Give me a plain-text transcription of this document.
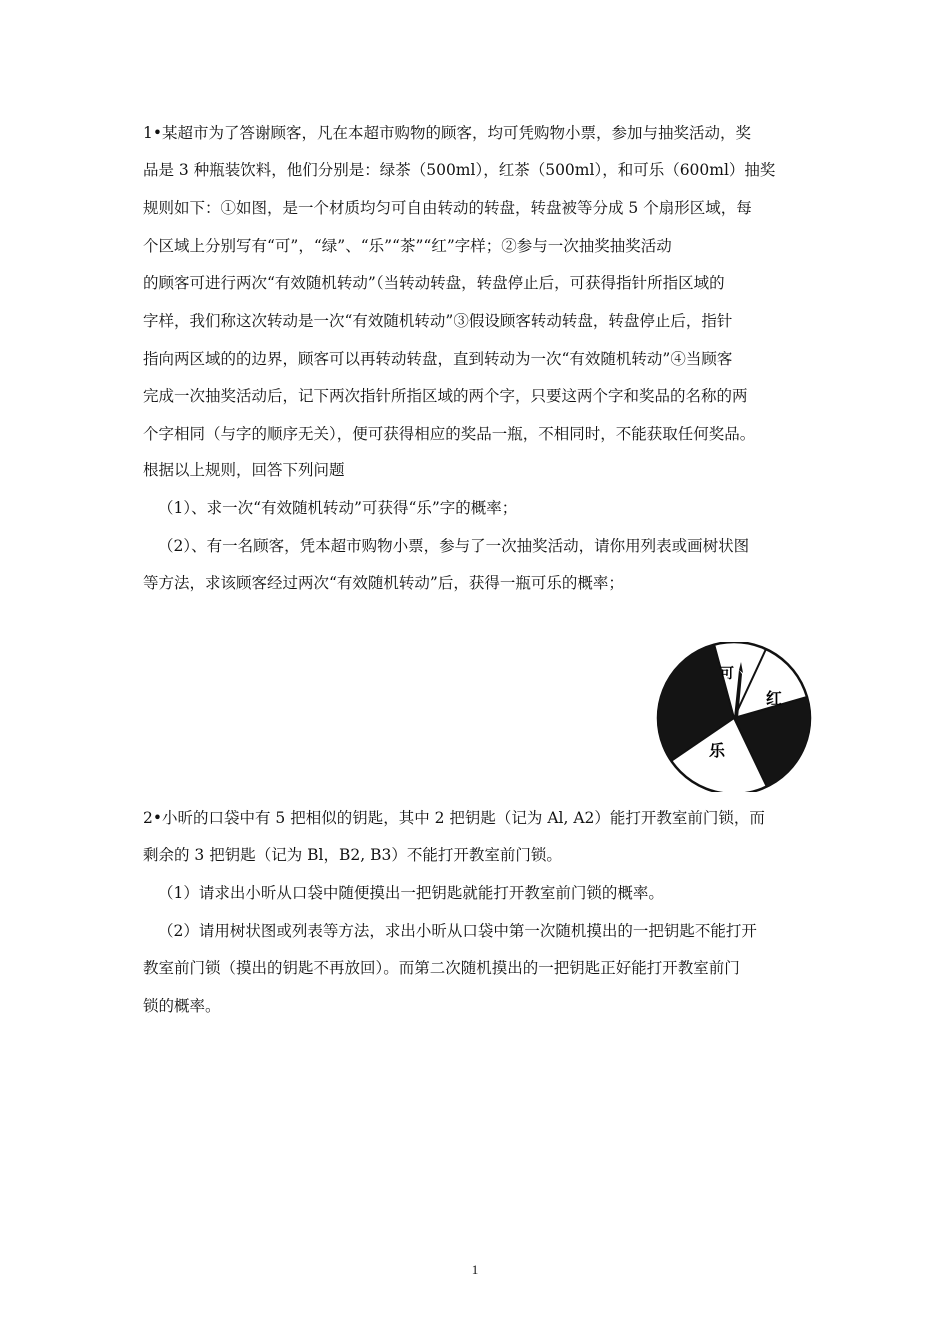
1•某超市为了答谢顾客，凡在本超市购物的顾客，均可凭购物小票，参加与抽奖活动，奖
品是 3 种瓶装饮料，他们分别是：绿茶（500ml），红茶（500ml），和可乐（600ml）抽奖
规则如下：①如图，是一个材质均匀可自由转动的转盘，转盘被等分成 5 个扇形区域，每
个区域上分别写有“可”，“绿”、“乐”“茶”“红”字样；②参与一次抽奖抽奖活动
的顾客可进行两次“有效随机转动”（当转动转盘，转盘停止后，可获得指针所指区域的
字样，我们称这次转动是一次“有效随机转动”③假设顾客转动转盘，转盘停止后，指针
指向两区域的的边界，顾客可以再转动转盘，直到转动为一次“有效随机转动”④当顾客
完成一次抽奖活动后，记下两次指针所指区域的两个字，只要这两个字和奖品的名称的两
个字相同（与字的顺序无关），便可获得相应的奖品一瓶，不相同时，不能获取任何奖品。
根据以上规则，回答下列问题
（1）、求一次“有效随机转动”可获得“乐”字的概率；
（2）、有一名顾客，凭本超市购物小票，参与了一次抽奖活动，请你用列表或画树状图
等方法，求该顾客经过两次“有效随机转动”后，获得一瓶可乐的概率；
可
红
乐
2•小昕的口袋中有 5 把相似的钥匙，其中 2 把钥匙（记为 Al, A2）能打开教室前门锁，而
剩余的 3 把钥匙（记为 Bl，B2, B3）不能打开教室前门锁。
（1）请求出小昕从口袋中随便摸出一把钥匙就能打开教室前门锁的概率。
（2）请用树状图或列表等方法，求出小昕从口袋中第一次随机摸出的一把钥匙不能打开
教室前门锁（摸出的钥匙不再放回）。而第二次随机摸出的一把钥匙正好能打开教室前门
锁的概率。
1
